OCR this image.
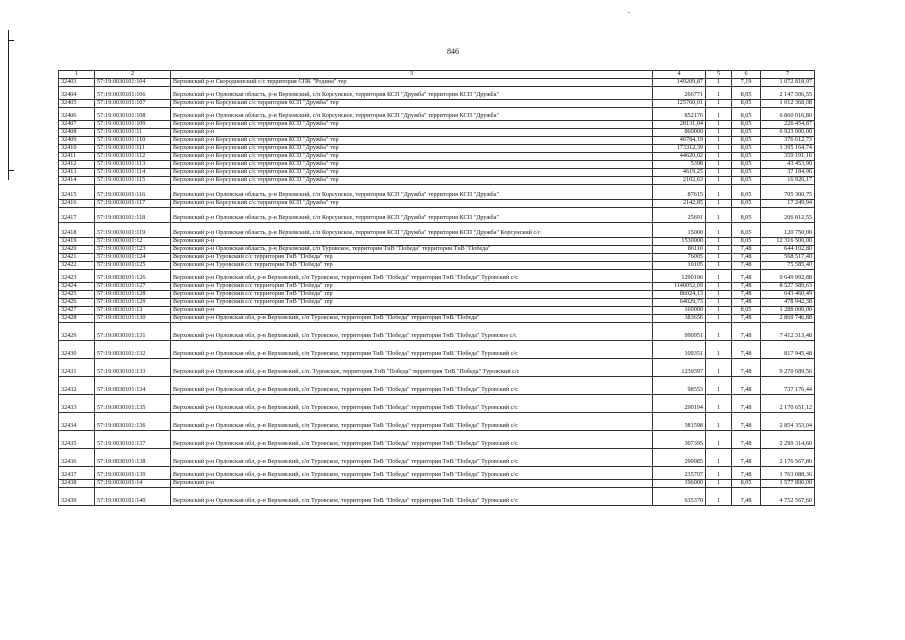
846
1	2	3	4	5	6	7
32403	57:19:0030101:104	Верховский р-н Скородненский с/с территория СПК "Родина" тер	149209,87	1	7,19	1 072 818,97
32404	57:19:0030101:106	Верховский р-н Орловская область, р-н Верховский, с/п Корсунское, территория КСП "Дружба" территория КСП "Дружба"	266771	1	8,05	2 147 506,55
32405	57:19:0030101:107	Верховский р-н Корсунский с/с территория КСП "Дружба" тер	125760,01	1	8,05	1 012 368,08
32406	57:19:0030101:108	Верховский р-н Орловская область, р-н Верховский, с/п Корсунское, территория КСП "Дружба" территория КСП "Дружба"	852176	1	8,05	6 860 016,80
32407	57:19:0030101:109	Верховский р-н Корсунский с/с территория КСП "Дружба" тер	28131,04	1	8,05	226 454,87
32408	57:19:0030101:11	Верховский р-н	860000	1	8,05	6 923 000,00
32409	57:19:0030101:110	Верховский р-н Корсунский с/с территория КСП "Дружба" тер	46784,19	1	8,05	376 612,73
32410	57:19:0030101:111	Верховский р-н Корсунский с/с территория КСП "Дружба" тер	173312,39	1	8,05	1 395 164,74
32411	57:19:0030101:112	Верховский р-н Корсунский с/с территория КСП "Дружба" тер	44620,02	1	8,05	359 191,16
32412	57:19:0030101:113	Верховский р-н Корсунский с/с территория КСП "Дружба" тер	5398	1	8,05	43 453,90
32413	57:19:0030101:114	Верховский р-н Корсунский с/с территория КСП "Дружба" тер	4619,25	1	8,05	37 184,96
32414	57:19:0030101:115	Верховский р-н Корсунский с/с территория КСП "Дружба" тер	2102,63	1	8,05	16 926,17
32415	57:19:0030101:116	Верховский р-н Орловская область, р-н Верховский, с/п Корсунское, территория КСП "Дружба" территория КСП "Дружба"	87615	1	8,05	705 300,75
32416	57:19:0030101:117	Верховский р-н Корсунский с/с территория КСП "Дружба" тер	2142,85	1	8,05	17 249,94
32417	57:19:0030101:118	Верховский р-н Орловская область, р-н Верховский, с/п Корсунское, территория КСП "Дружба" территория КСП "Дружба"	25691	1	8,05	206 812,55
32418	57:19:0030101:119	Верховский р-н Орловская область, р-н Верховский, с/п Корсунское, территория КСП "Дружба" территория КСП "Дружба" Корсунский с/с	15000	1	8,05	120 750,00
32419	57:19:0030101:12	Верховский р-н	1530000	1	8,05	12 316 500,00
32420	57:19:0030101:123	Верховский р-н Орловская область, р-н Верховский, с/п Туровское, территория ТнВ "Победа" территория ТнВ "Победа"	86110	1	7,48	644 102,80
32421	57:19:0030101:124	Верховский р-н Туровский с/с территория ТнВ "Победа" тер	76005	1	7,48	568 517,40
32422	57:19:0030101:125	Верховский р-н Туровский с/с территория ТнВ "Победа" тер	10105	1	7,48	75 585,40
32423	57:19:0030101:126	Верховский р-н Орловская обл, р-н Верховский, с/п Туровское, территория ТнВ "Победа" территория ТнВ "Победа" Туровский с/с	1290106	1	7,48	9 649 992,88
32424	57:19:0030101:127	Верховский р-н Туровский с/с территория ТнВ "Победа" тер	1140052,09	1	7,48	8 527 589,63
32425	57:19:0030101:128	Верховский р-н Туровский с/с территория ТнВ "Победа" тер	86024,13	1	7,48	643 460,49
32426	57:19:0030101:129	Верховский р-н Туровский с/с территория ТнВ "Победа" тер	64029,73	1	7,48	478 942,38
32427	57:19:0030101:13	Верховский р-н	160000	1	8,05	1 288 000,00
32428	57:19:0030101:130	Верховский р-н Орловская обл, р-н Верховский, с/п Туровское, территория ТнВ "Победа" территория ТнВ "Победа"	383656	1	7,48	2 869 746,88
32429	57:19:0030101:131	Верховский р-н Орловская обл, р-н Верховский, с/п Туровское, территория ТнВ "Победа" территория ТнВ "Победа" Туровское с/с	990951	1	7,48	7 412 313,48
32430	57:19:0030101:132	Верховский р-н Орловская обл, р-н Верховский, с/п Туровское, территория ТнВ "Победа" территория ТнВ "Победа" Туровский с/с	109351	1	7,48	817 945,48
32431	57:19:0030101:133	Верховский р-н Орловская обл, р-н Верховский, с/п. Туровское, территория ТнВ "Победа" территория ТнВ "Победа" Туровский с/с	1239397	1	7,48	9 270 689,56
32432	57:19:0030101:134	Верховский р-н Орловская обл, р-н Верховский, с/п Туровское, территория ТнВ "Победа" территория ТнВ "Победа" Туровский с/с	98553	1	7,48	737 176,44
32433	57:19:0030101:135	Верховский р-н Орловская обл, р-н Верховский, с/п Туровское, территория ТнВ "Победа" территория ТнВ "Победа" Туровский с/с	290194	1	7,48	2 170 651,12
32434	57:19:0030101:136	Верховский р-н Орловская обл, р-н Верховский, с/п Туровское, территория ТнВ "Победа" территория ТнВ "Победа" Туровский с/с	381598	1	7,48	2 854 353,04
32435	57:19:0030101:137	Верховский р-н Орловская обл, р-н Верховский, с/п Туровское, территория ТнВ "Победа" территория ТнВ "Победа" Туровский с/с	307395	1	7,48	2 299 314,60
32436	57:19:0030101:138	Верховский р-н Орловская обл, р-н Верховский, с/п Туровское, территория ТнВ "Победа" территория ТнВ "Победа" Туровский с/с	290985	1	7,48	2 176 567,80
32437	57:19:0030101:139	Верховский р-н Орловская обл, р-н Верховский, с/п Туровское, территория ТнВ "Победа" территория ТнВ "Победа" Туровский с/с	235707	1	7,48	1 763 088,36
32438	57:19:0030101:14	Верховский р-н	196000	1	8,05	1 577 800,00
32439	57:19:0030101:140	Верховский р-н Орловская обл, р-н Верховский, с/п Туровское, территория ТнВ "Победа" территория ТнВ "Победа" Туровский с/с	635370	1	7,48	4 752 567,60
